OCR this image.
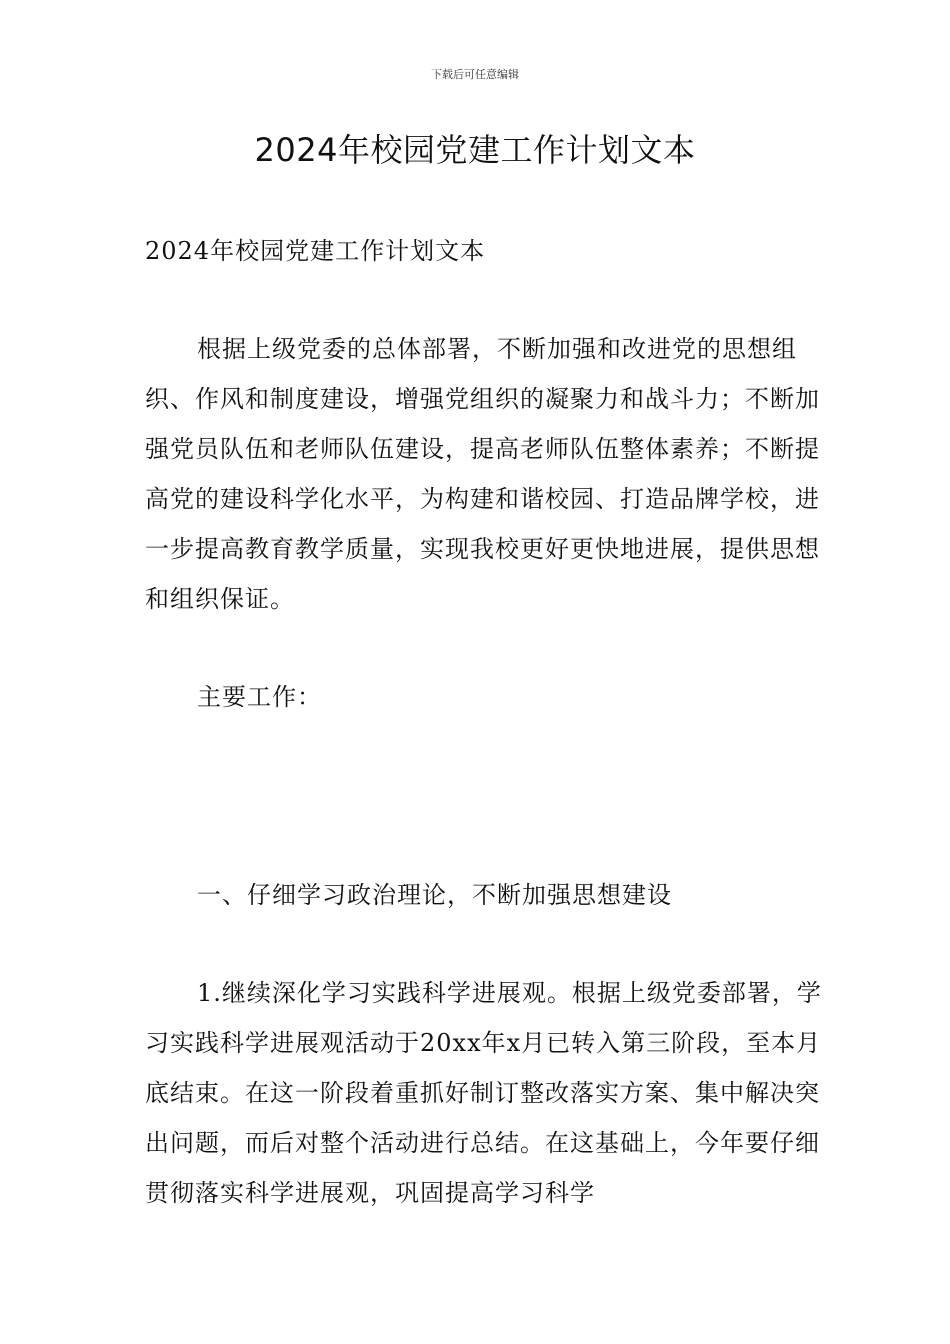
下载后可任意编辑
2024年校园党建工作计划文本

2024年校园党建工作计划文本

根据上级党委的总体部署，不断加强和改进党的思想组织、作风和制度建设，增强党组织的凝聚力和战斗力；不断加强党员队伍和老师队伍建设，提高老师队伍整体素养；不断提高党的建设科学化水平，为构建和谐校园、打造品牌学校，进一步提高教育教学质量，实现我校更好更快地进展，提供思想和组织保证。

主要工作：

一、仔细学习政治理论，不断加强思想建设

1.继续深化学习实践科学进展观。根据上级党委部署，学习实践科学进展观活动于20xx年x月已转入第三阶段，至本月底结束。在这一阶段着重抓好制订整改落实方案、集中解决突出问题，而后对整个活动进行总结。在这基础上，今年要仔细贯彻落实科学进展观，巩固提高学习科学
